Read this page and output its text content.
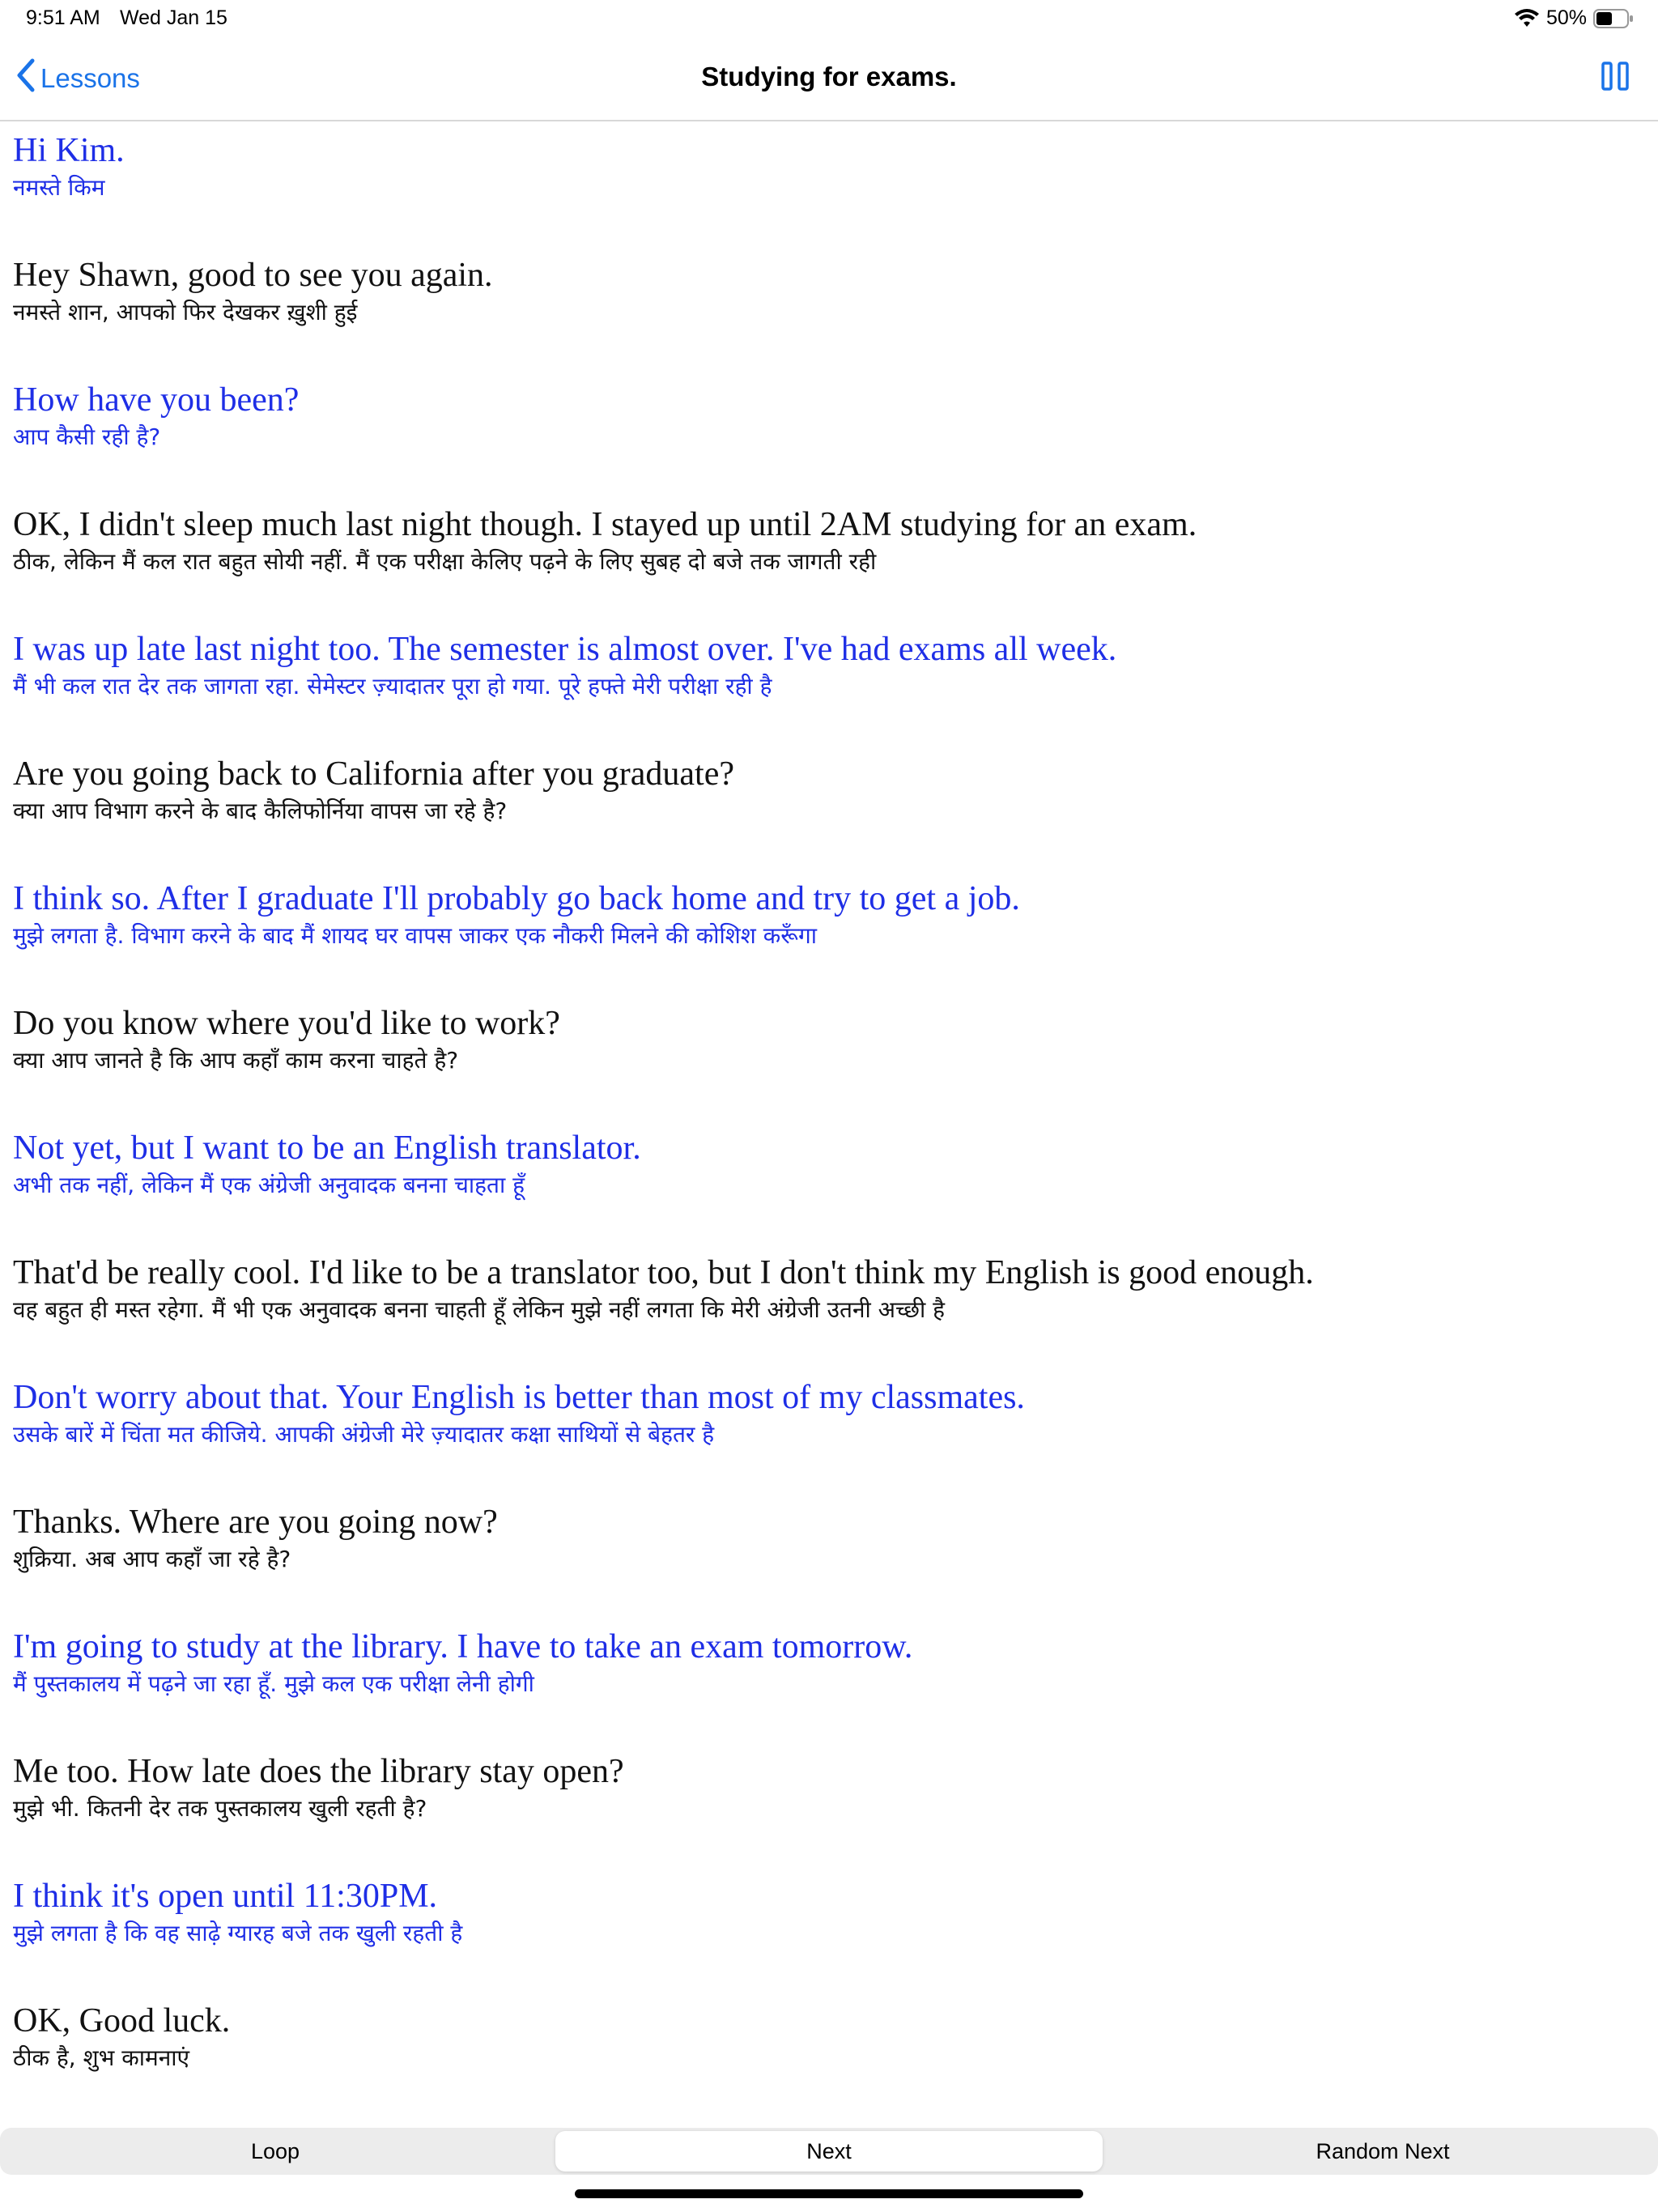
9:51 AM Wed Jan 15	50%
Lessons	Studying for exams.
Hi Kim.
नमस्ते किम
Hey Shawn, good to see you again.
नमस्ते शान, आपको फिर देखकर ख़ुशी हुई
How have you been?
आप कैसी रही है?
OK, I didn't sleep much last night though. I stayed up until 2AM studying for an exam.
ठीक, लेकिन मैं कल रात बहुत सोयी नहीं. मैं एक परीक्षा केलिए पढ़ने के लिए सुबह दो बजे तक जागती रही
I was up late last night too. The semester is almost over. I've had exams all week.
मैं भी कल रात देर तक जागता रहा. सेमेस्टर ज़्यादातर पूरा हो गया. पूरे हफ्ते मेरी परीक्षा रही है
Are you going back to California after you graduate?
क्या आप विभाग करने के बाद कैलिफोर्निया वापस जा रहे है?
I think so. After I graduate I'll probably go back home and try to get a job.
मुझे लगता है. विभाग करने के बाद मैं शायद घर वापस जाकर एक नौकरी मिलने की कोशिश करूँगा
Do you know where you'd like to work?
क्या आप जानते है कि आप कहाँ काम करना चाहते है?
Not yet, but I want to be an English translator.
अभी तक नहीं, लेकिन मैं एक अंग्रेजी अनुवादक बनना चाहता हूँ
That'd be really cool. I'd like to be a translator too, but I don't think my English is good enough.
वह बहुत ही मस्त रहेगा. मैं भी एक अनुवादक बनना चाहती हूँ लेकिन मुझे नहीं लगता कि मेरी अंग्रेजी उतनी अच्छी है
Don't worry about that. Your English is better than most of my classmates.
उसके बारें में चिंता मत कीजिये. आपकी अंग्रेजी मेरे ज़्यादातर कक्षा साथियों से बेहतर है
Thanks. Where are you going now?
शुक्रिया. अब आप कहाँ जा रहे है?
I'm going to study at the library. I have to take an exam tomorrow.
मैं पुस्तकालय में पढ़ने जा रहा हूँ. मुझे कल एक परीक्षा लेनी होगी
Me too. How late does the library stay open?
मुझे भी. कितनी देर तक पुस्तकालय खुली रहती है?
I think it's open until 11:30PM.
मुझे लगता है कि वह साढ़े ग्यारह बजे तक खुली रहती है
OK, Good luck.
ठीक है, शुभ कामनाएं
Loop	Next	Random Next
